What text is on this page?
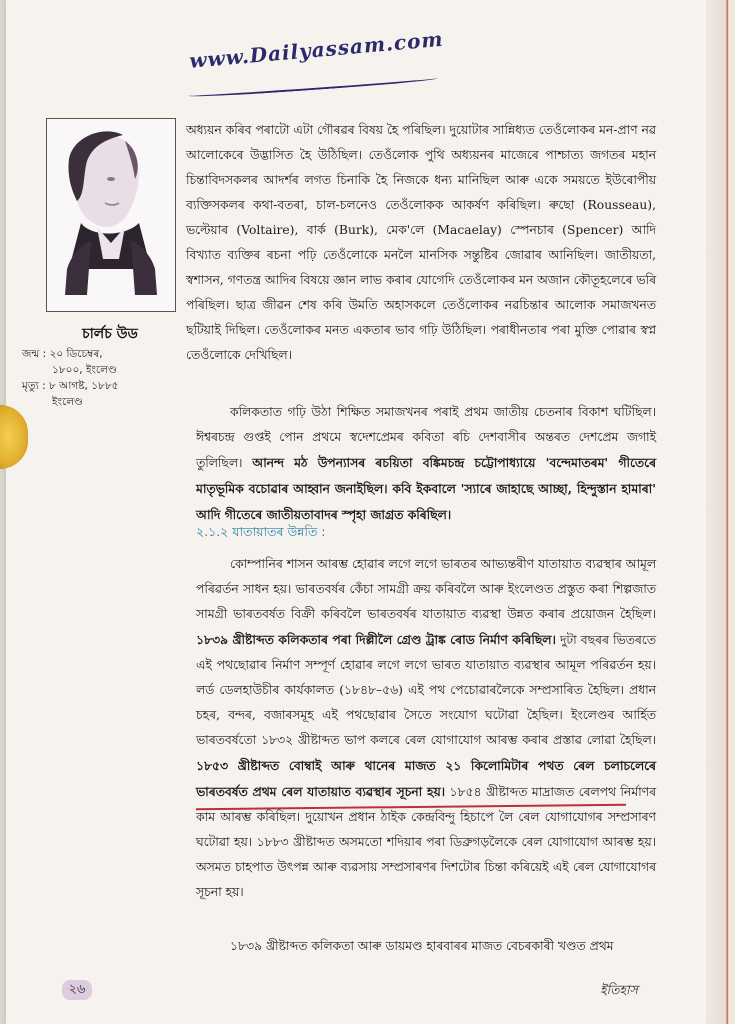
www.Dailyassam.com
চাৰ্লচ উড
জন্ম : ২০ ডিচেম্বৰ,
১৮০০, ইংলেণ্ড
মৃত্যু : ৮ আগষ্ট, ১৮৮৫
ইংলেণ্ড
অধ্যয়ন কৰিব পৰাটো এটা গৌৰৱৰ বিষয় হৈ পৰিছিল। দুয়োটাৰ সান্নিধ্যত তেওঁলোকৰ মন-প্ৰাণ নৱ আলোকেৰে উদ্ভাসিত হৈ উঠিছিল। তেওঁলোক পুথি অধ্যয়নৰ মাজেৰে পাশ্চাত্য জগতৰ মহান চিন্তাবিদসকলৰ আদৰ্শৰ লগত চিনাকি হৈ নিজকে ধন্য মানিছিল আৰু একে সময়তে ইউৰোপীয় ব্যক্তিসকলৰ কথা-বতৰা, চাল-চলনেও তেওঁলোকক আকৰ্ষণ কৰিছিল। ৰুছো (Rousseau), ভল্টেয়াৰ (Voltaire), বাৰ্ক (Burk), মেক'লে (Macaelay) স্পেনচাৰ (Spencer) আদি বিখ্যাত ব্যক্তিৰ ৰচনা পঢ়ি তেওঁলোকে মনলৈ মানসিক সন্তুষ্টিৰ জোৱাৰ আনিছিল। জাতীয়তা, স্বশাসন, গণতন্ত্ৰ আদিৰ বিষয়ে জ্ঞান লাভ কৰাৰ যোগেদি তেওঁলোকৰ মন অজান কৌতূহলেৰে ভৰি পৰিছিল। ছাত্ৰ জীৱন শেষ কৰি উমতি অহাসকলে তেওঁলোকৰ নৱচিন্তাৰ আলোক সমাজখনত ছটিয়াই দিছিল। তেওঁলোকৰ মনত একতাৰ ভাব গঢ়ি উঠিছিল। পৰাধীনতাৰ পৰা মুক্তি পোৱাৰ স্বপ্ন তেওঁলোকে দেখিছিল।
কলিকতাত গঢ়ি উঠা শিক্ষিত সমাজখনৰ পৰাই প্ৰথম জাতীয় চেতনাৰ বিকাশ ঘটিছিল। ঈশ্বৰচন্দ্ৰ গুপ্তই পোন প্ৰথমে স্বদেশপ্ৰেমৰ কবিতা ৰচি দেশবাসীৰ অন্তৰত দেশপ্ৰেম জগাই তুলিছিল। আনন্দ মঠ উপন্যাসৰ ৰচয়িতা বঙ্কিমচন্দ্ৰ চট্টোপাধ্যায়ে 'বন্দেমাতৰম' গীতেৰে মাতৃভূমিক বচোৱাৰ আহ্বান জনাইছিল। কবি ইকবালে 'স্যাৰে জাহাছে আচ্ছা, হিন্দুস্তান হামাৰা' আদি গীতেৰে জাতীয়তাবাদৰ স্পৃহা জাগ্ৰত কৰিছিল।
২.১.২ যাতায়াতৰ উন্নতি :
কোম্পানিৰ শাসন আৰম্ভ হোৱাৰ লগে লগে ভাৰতৰ আভ্যন্তৰীণ যাতায়াত ব্যৱস্থাৰ আমূল পৰিৱৰ্তন সাধন হয়। ভাৰতবৰ্ষৰ কেঁচা সামগ্ৰী ক্ৰয় কৰিবলৈ আৰু ইংলেণ্ডত প্ৰস্তুত কৰা শিল্পজাত সামগ্ৰী ভাৰতবৰ্ষত বিক্ৰী কৰিবলৈ ভাৰতবৰ্ষৰ যাতায়াত ব্যৱস্থা উন্নত কৰাৰ প্ৰয়োজন হৈছিল। ১৮৩৯ খ্ৰীষ্টাব্দত কলিকতাৰ পৰা দিল্লীলৈ গ্ৰেণ্ড ট্ৰাঙ্ক ৰোড নিৰ্মাণ কৰিছিল। দুটা বছৰৰ ভিতৰতে এই পথছোৱাৰ নিৰ্মাণ সম্পূৰ্ণ হোৱাৰ লগে লগে ভাৰত যাতায়াত ব্যৱস্থাৰ আমূল পৰিৱৰ্তন হয়। লৰ্ড ডেলহাউচীৰ কাৰ্যকালত (১৮৪৮–৫৬) এই পথ পেচোৱাৰলৈকে সম্প্ৰসাৰিত হৈছিল। প্ৰধান চহৰ, বন্দৰ, বজাৰসমূহ এই পথছোৱাৰ সৈতে সংযোগ ঘটোৱা হৈছিল। ইংলেণ্ডৰ আৰ্হিত ভাৰতবৰ্ষতো ১৮৩২ খ্ৰীষ্টাব্দত ভাপ কলৰে ৰেল যোগাযোগ আৰম্ভ কৰাৰ প্ৰস্তাৱ লোৱা হৈছিল। ১৮৫৩ খ্ৰীষ্টাব্দত বোম্বাই আৰু থানেৰ মাজত ২১ কিলোমিটাৰ পথত ৰেল চলাচলেৰে ভাৰতবৰ্ষত প্ৰথম ৰেল যাতায়াত ব্যৱস্থাৰ সূচনা হয়। ১৮৫৪ খ্ৰীষ্টাব্দত মাদ্ৰাজত ৰেলপথ নিৰ্মাণৰ কাম আৰম্ভ কৰিছিল। দুয়োখন প্ৰধান ঠাইক কেন্দ্ৰবিন্দু হিচাপে লৈ ৰেল যোগাযোগৰ সম্প্ৰসাৰণ ঘটোৱা হয়। ১৮৮৩ খ্ৰীষ্টাব্দত অসমতো শদিয়াৰ পৰা ডিব্ৰুগড়লৈকে ৰেল যোগাযোগ আৰম্ভ হয়। অসমত চাহপাত উৎপন্ন আৰু ব্যৱসায় সম্প্ৰসাৰণৰ দিশটোৰ চিন্তা কৰিয়েই এই ৰেল যোগাযোগৰ সূচনা হয়।
১৮৩৯ খ্ৰীষ্টাব্দত কলিকতা আৰু ডায়মণ্ড হাৰবাৰৰ মাজত বেচৰকাৰী খণ্ডত প্ৰথম
২৬	ইতিহাস
